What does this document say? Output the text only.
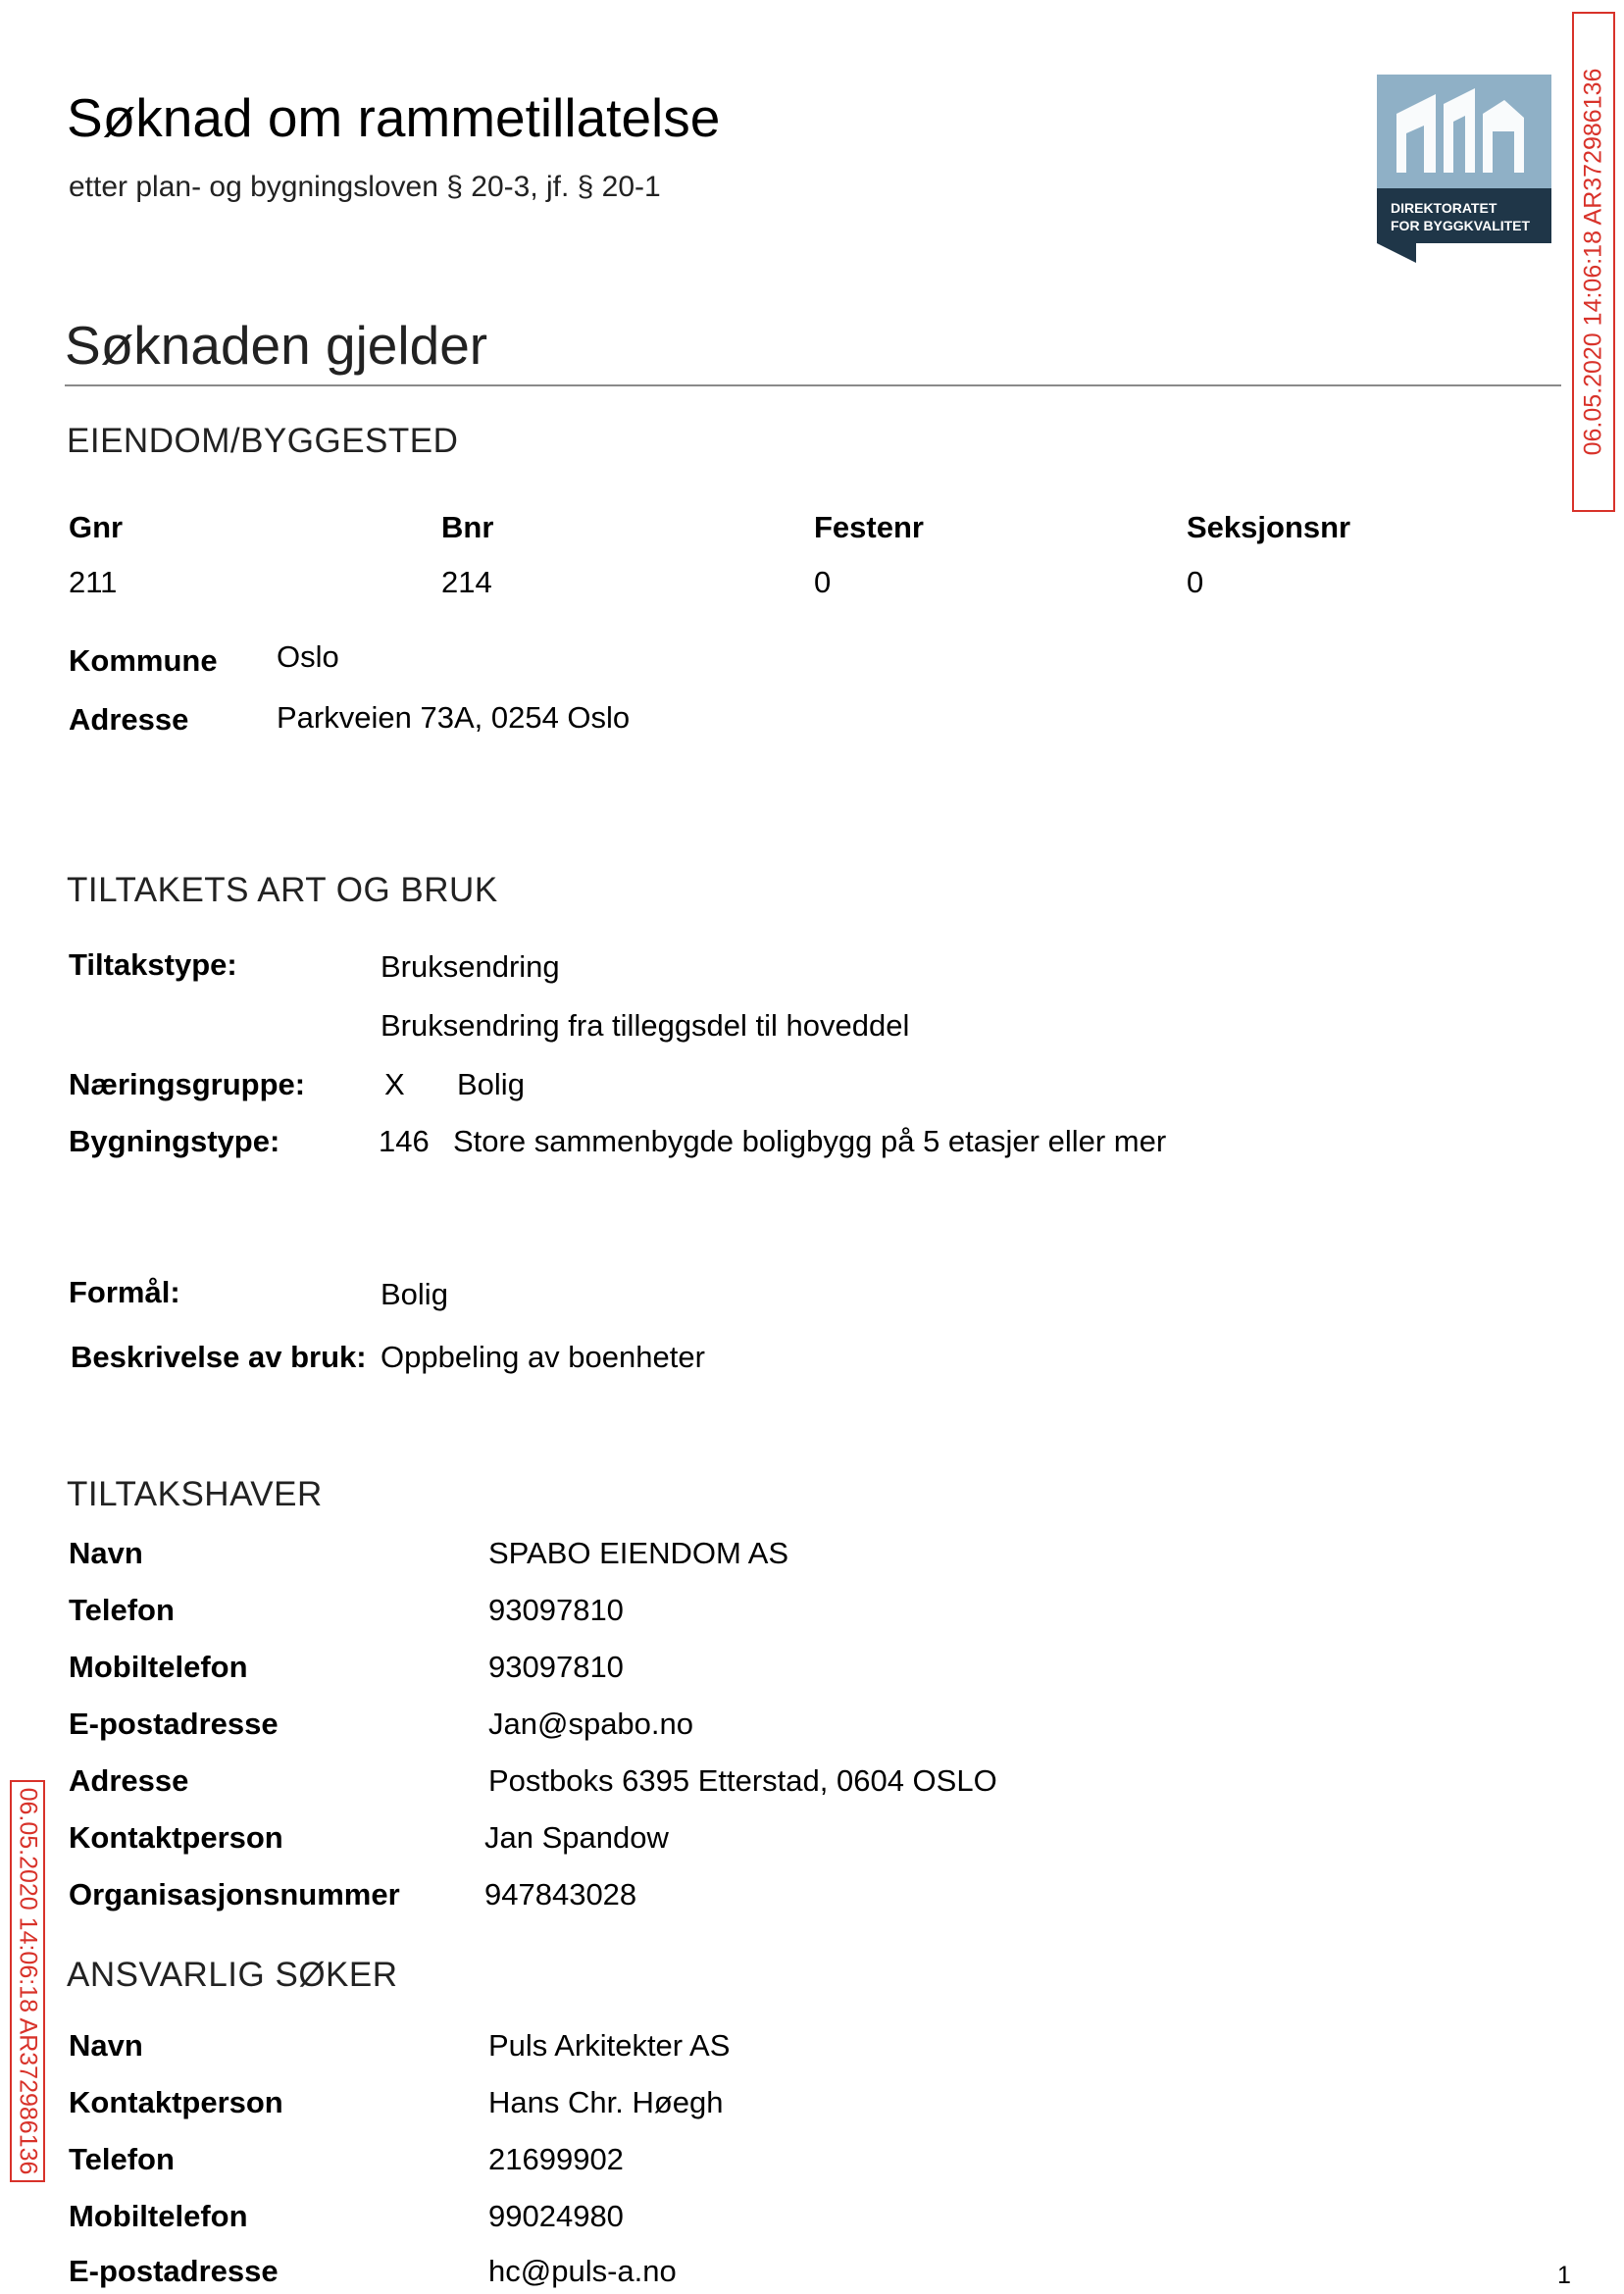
Søknad om rammetillatelse
etter plan- og bygningsloven § 20-3, jf. § 20-1
DIREKTORATET
FOR BYGGKVALITET 06.05.2020 14:06:18 AR372986136
06.05.2020 14:06:18 AR372986136
Søknaden gjelder
EIENDOM/BYGGESTED
Gnr	Bnr	Festenr	Seksjonsnr
211	214	0	0
Kommune Oslo
Adresse	Parkveien 73A, 0254 Oslo
TILTAKETS ART OG BRUK
Tiltakstype:	Bruksendring
Bruksendring fra tilleggsdel til hoveddel
Næringsgruppe:	X Bolig
Bygningstype:	146 Store sammenbygde boligbygg på 5 etasjer eller mer
Formål:	Bolig
Beskrivelse av bruk: Oppbeling av boenheter
TILTAKSHAVER
Navn	SPABO EIENDOM AS
Telefon	93097810
Mobiltelefon	93097810
E-postadresse	Jan@spabo.no
Adresse	Postboks 6395 Etterstad, 0604 OSLO
Kontaktperson	Jan Spandow
Organisasjonsnummer	947843028
ANSVARLIG SØKER
Navn	Puls Arkitekter AS
Kontaktperson	Hans Chr. Høegh
Telefon	21699902
Mobiltelefon	99024980
E-postadresse	hc@puls-a.no	1
